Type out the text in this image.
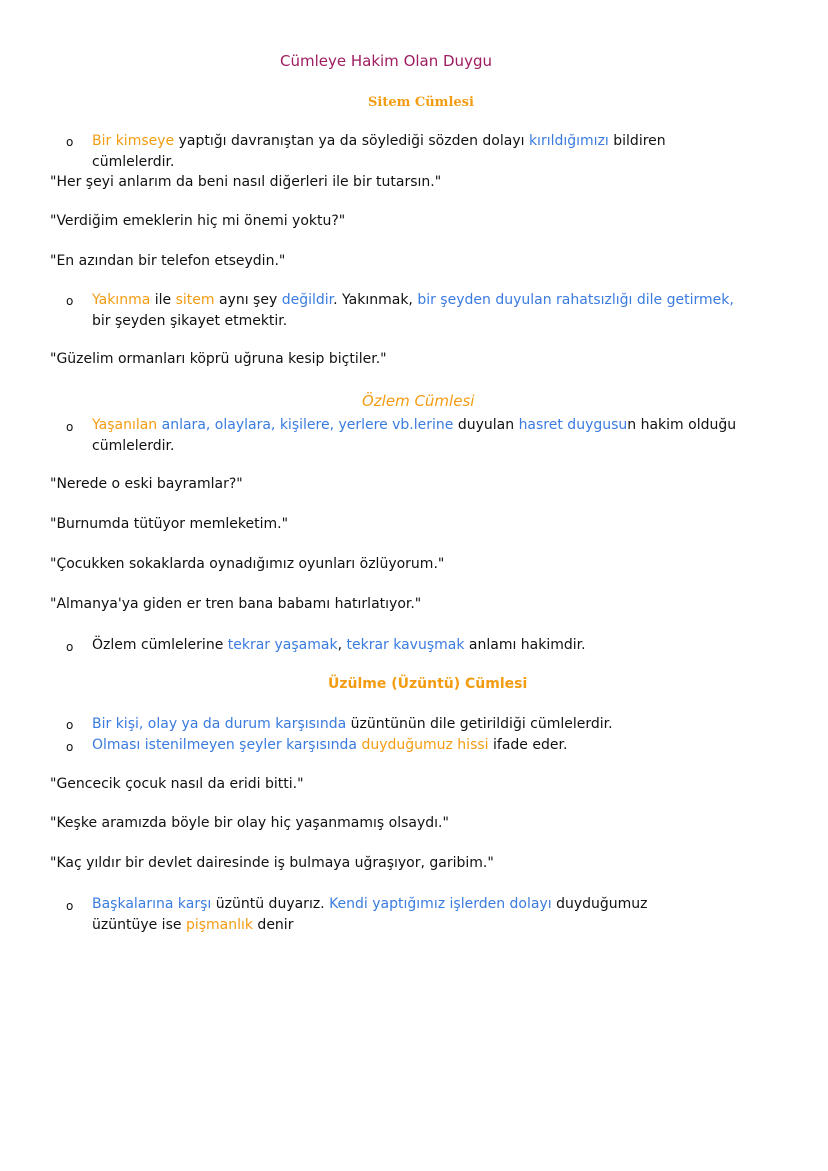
Cümleye Hakim Olan Duygu
Sitem Cümlesi
o Bir kimseye yaptığı davranıştan ya da söylediği sözden dolayı kırıldığımızı bildiren cümlelerdir.
"Her şeyi anlarım da beni nasıl diğerleri ile bir tutarsın."
"Verdiğim emeklerin hiç mi önemi yoktu?"
"En azından bir telefon etseydin."
o Yakınma ile sitem aynı şey değildir. Yakınmak, bir şeyden duyulan rahatsızlığı dile getirmek, bir şeyden şikayet etmektir.
"Güzelim ormanları köprü uğruna kesip biçtiler."
Özlem Cümlesi
o Yaşanılan anlara, olaylara, kişilere, yerlere vb.lerine duyulan hasret duygusun hakim olduğu cümlelerdir.
"Nerede o eski bayramlar?"
"Burnumda tütüyor memleketim."
"Çocukken sokaklarda oynadığımız oyunları özlüyorum."
"Almanya'ya giden er tren bana babamı hatırlatıyor."
o Özlem cümlelerine tekrar yaşamak, tekrar kavuşmak anlamı hakimdir.
Üzülme (Üzüntü) Cümlesi
o Bir kişi, olay ya da durum karşısında üzüntünün dile getirildiği cümlelerdir.
o Olması istenilmeyen şeyler karşısında duyduğumuz hissi ifade eder.
"Gencecik çocuk nasıl da eridi bitti."
"Keşke aramızda böyle bir olay hiç yaşanmamış olsaydı."
"Kaç yıldır bir devlet dairesinde iş bulmaya uğraşıyor, garibim."
o Başkalarına karşı üzüntü duyarız. Kendi yaptığımız işlerden dolayı duyduğumuz üzüntüye ise pişmanlık denir
